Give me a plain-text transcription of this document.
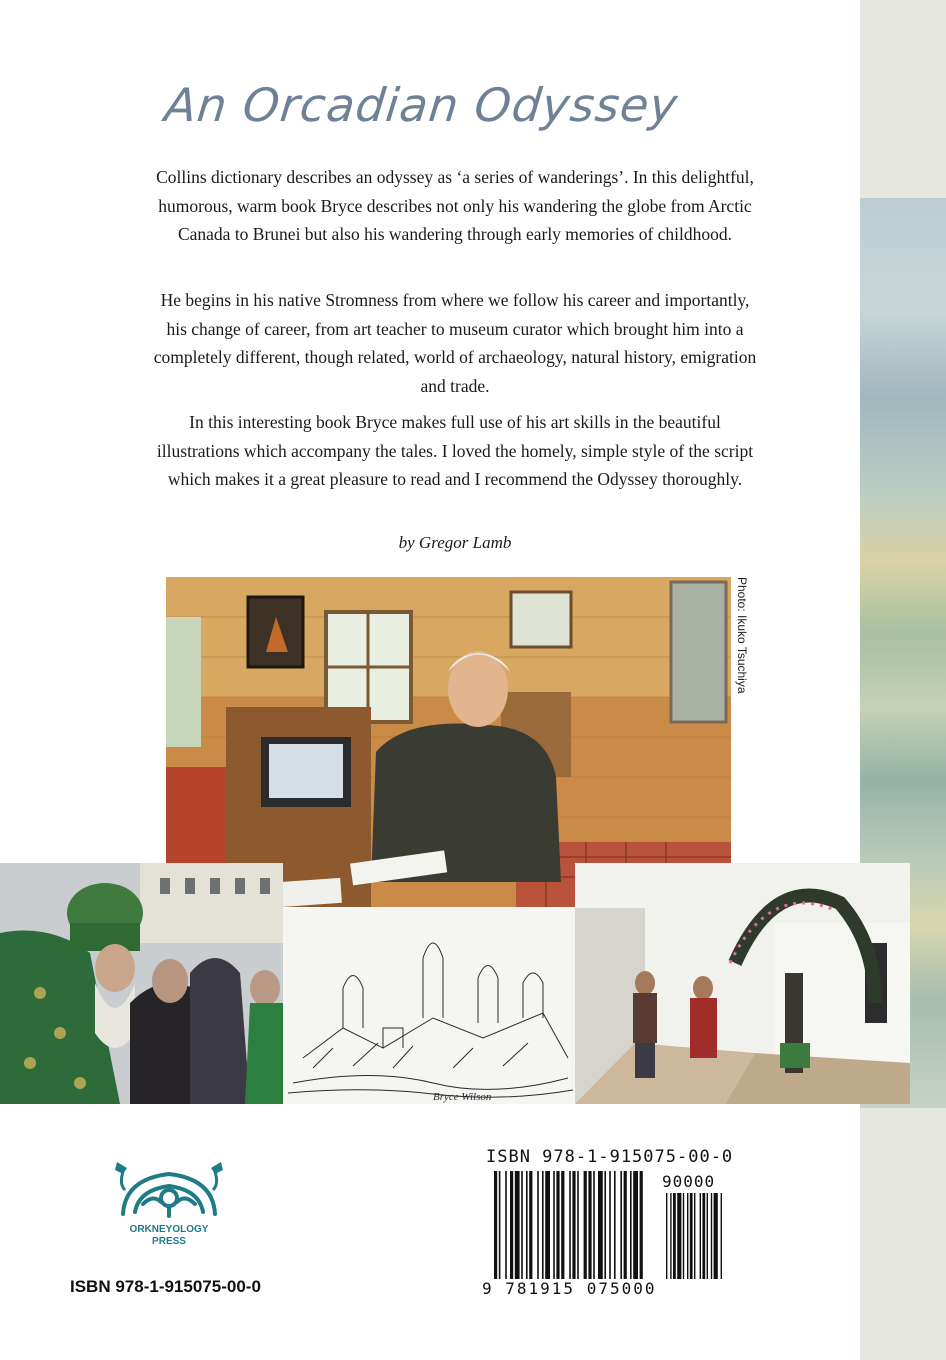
An Orcadian Odyssey
Collins dictionary describes an odyssey as ‘a series of wanderings’. In this delightful, humorous, warm book Bryce describes not only his wandering the globe from Arctic Canada to Brunei but also his wandering through early memories of childhood.
He begins in his native Stromness from where we follow his career and importantly, his change of career, from art teacher to museum curator which brought him into a completely different, though related, world of archaeology, natural history, emigration and trade.
In this interesting book Bryce makes full use of his art skills in the beautiful illustrations which accompany the tales. I loved the homely, simple style of the script which makes it a great pleasure to read and I recommend the Odyssey thoroughly.
by Gregor Lamb
Photo: Ikuko Tsuchiya
Bryce Wilson
ORKNEYOLOGY
PRESS
ISBN 978-1-915075-00-0
ISBN 978-1-915075-00-0
90000
9 781915 075000
